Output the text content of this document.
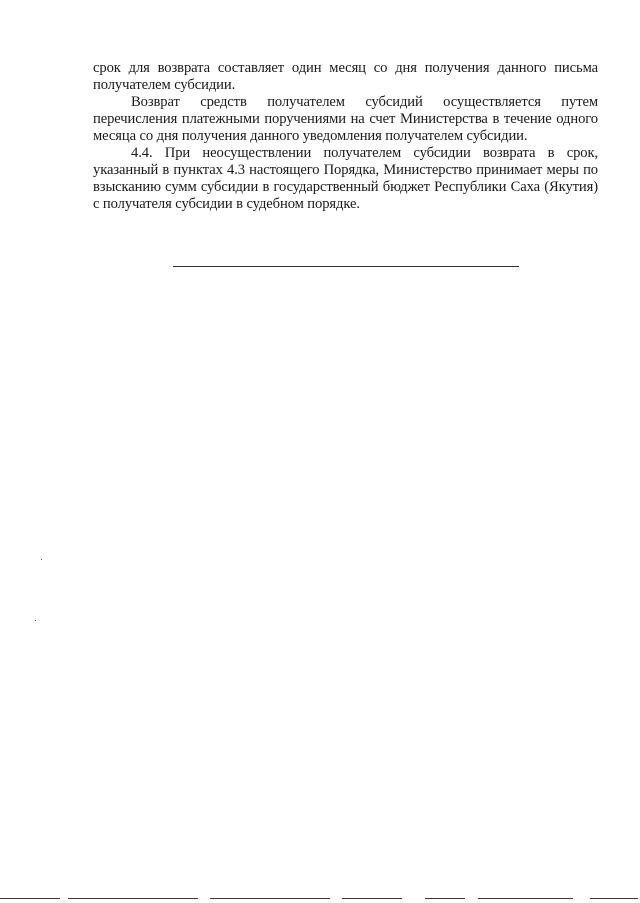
срок для возврата составляет один месяц со дня получения данного письма получателем субсидии.

Возврат средств получателем субсидий осуществляется путем перечисления платежными поручениями на счет Министерства в течение одного месяца со дня получения данного уведомления получателем субсидии.

4.4. При неосуществлении получателем субсидии возврата в срок, указанный в пунктах 4.3 настоящего Порядка, Министерство принимает меры по взысканию сумм субсидии в государственный бюджет Республики Саха (Якутия) с получателя субсидии в судебном порядке.
